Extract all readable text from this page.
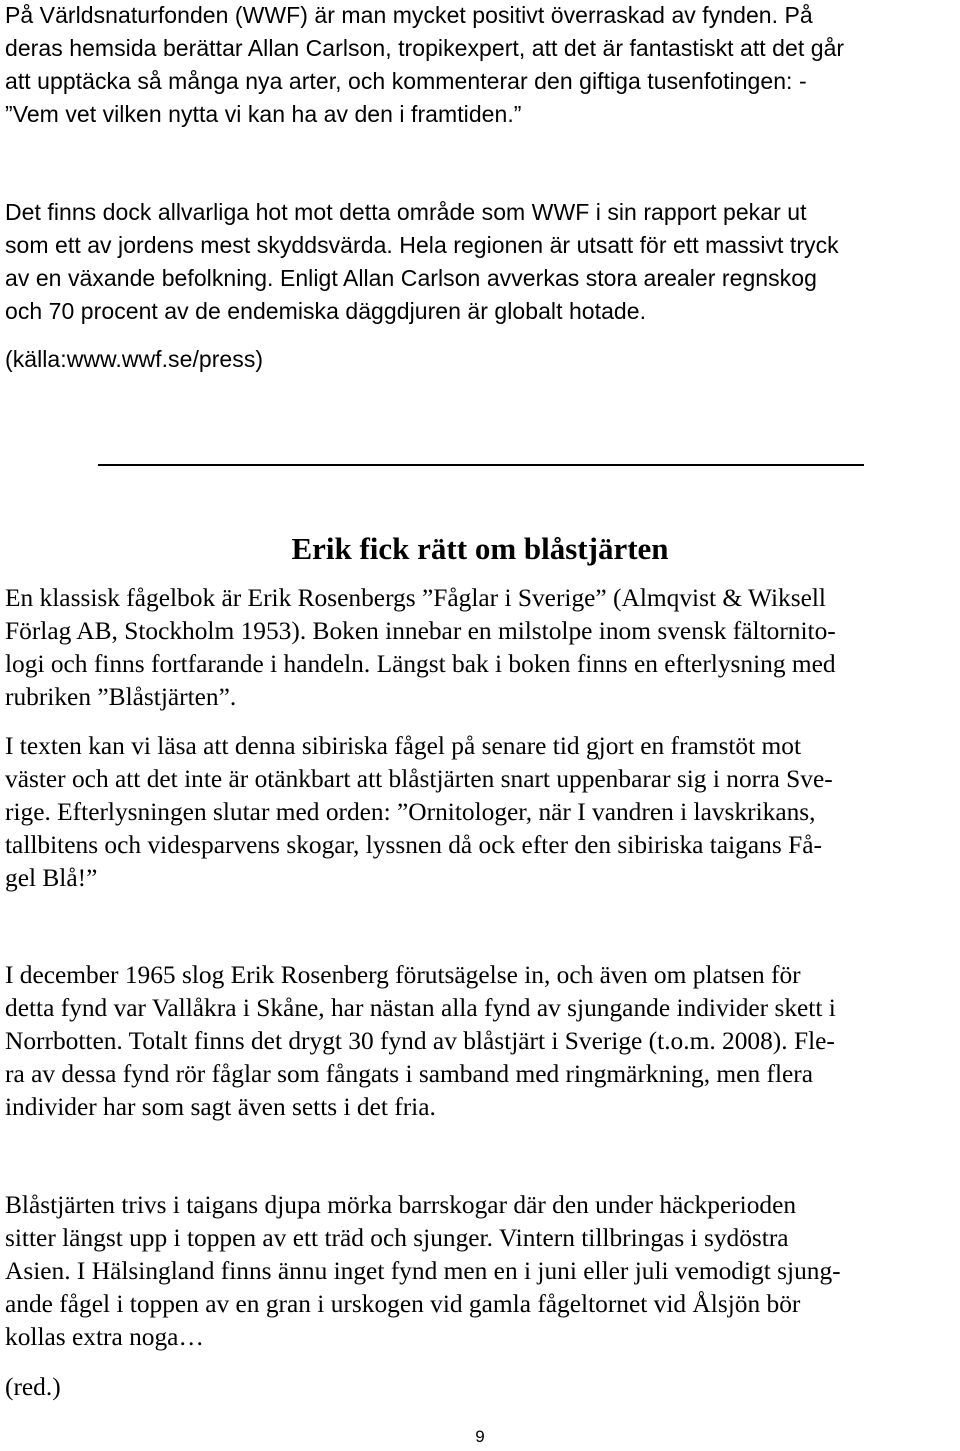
På Världsnaturfonden (WWF) är man mycket positivt överraskad av fynden. På

deras hemsida berättar Allan Carlson, tropikexpert, att det är fantastiskt att det går

att upptäcka så många nya arter, och kommenterar den giftiga tusenfotingen: -

”Vem vet vilken nytta vi kan ha av den i framtiden.”

Det finns dock allvarliga hot mot detta område som WWF i sin rapport pekar ut

som ett av jordens mest skyddsvärda. Hela regionen är utsatt för ett massivt tryck

av en växande befolkning. Enligt Allan Carlson avverkas stora arealer regnskog

och 70 procent av de endemiska däggdjuren är globalt hotade.

(källa:www.wwf.se/press)

Erik fick rätt om blåstjärten

En klassisk fågelbok är Erik Rosenbergs ”Fåglar i Sverige” (Almqvist & Wiksell

Förlag AB, Stockholm 1953). Boken innebar en milstolpe inom svensk fältornito-

logi och finns fortfarande i handeln. Längst bak i boken finns en efterlysning med

rubriken ”Blåstjärten”.

I texten kan vi läsa att denna sibiriska fågel på senare tid gjort en framstöt mot

väster och att det inte är otänkbart att blåstjärten snart uppenbarar sig i norra Sve-

rige. Efterlysningen slutar med orden: ”Ornitologer, när I vandren i lavskrikans,

tallbitens och videsparvens skogar, lyssnen då ock efter den sibiriska taigans Få-

gel Blå!”

I december 1965 slog Erik Rosenberg förutsägelse in, och även om platsen för

detta fynd var Vallåkra i Skåne, har nästan alla fynd av sjungande individer skett i

Norrbotten. Totalt finns det drygt 30 fynd av blåstjärt i Sverige (t.o.m. 2008). Fle-

ra av dessa fynd rör fåglar som fångats i samband med ringmärkning, men flera

individer har som sagt även setts i det fria.

Blåstjärten trivs i taigans djupa mörka barrskogar där den under häckperioden

sitter längst upp i toppen av ett träd och sjunger. Vintern tillbringas i sydöstra

Asien. I Hälsingland finns ännu inget fynd men en i juni eller juli vemodigt sjung-

ande fågel i toppen av en gran i urskogen vid gamla fågeltornet vid Ålsjön bör

kollas extra noga…

(red.)

9
